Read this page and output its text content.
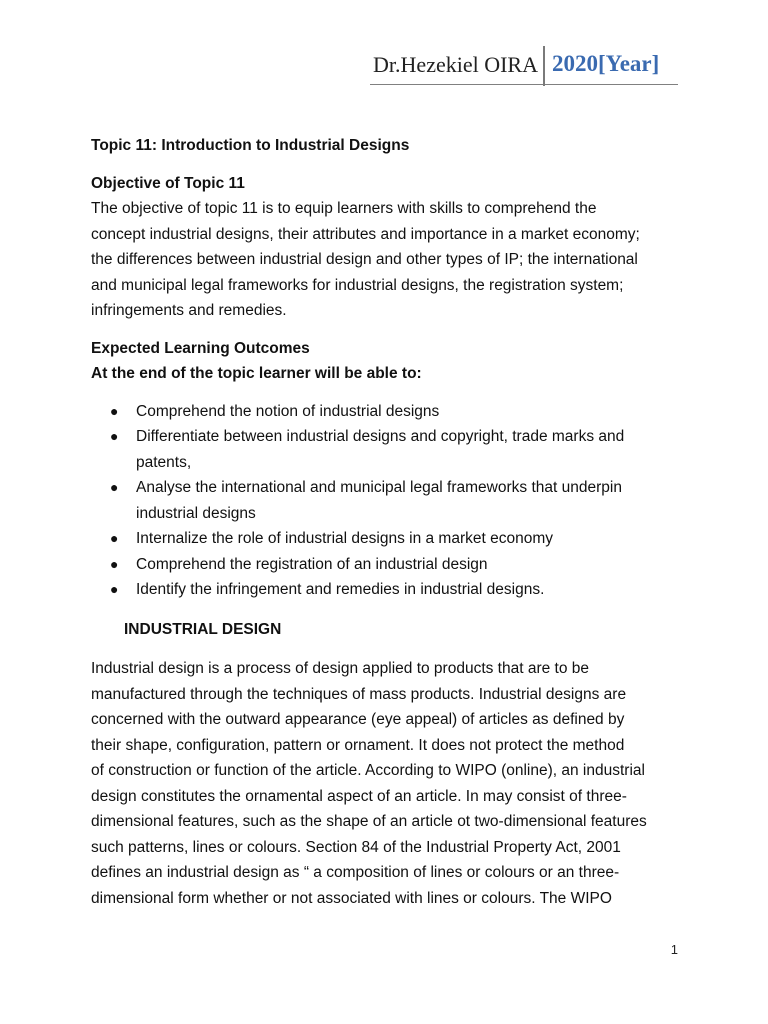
Dr.Hezekiel OIRA 2020[Year]

Topic 11: Introduction to Industrial Designs

Objective of Topic 11

The objective of topic 11 is to equip learners with skills to comprehend the
concept industrial designs, their attributes and importance in a market economy;
the differences between industrial design and other types of IP; the international
and municipal legal frameworks for industrial designs, the registration system;
infringements and remedies.

Expected Learning Outcomes

At the end of the topic learner will be able to:

● Comprehend the notion of industrial designs
● Differentiate between industrial designs and copyright, trade marks and
patents,
● Analyse the international and municipal legal frameworks that underpin
industrial designs
● Internalize the role of industrial designs in a market economy
● Comprehend the registration of an industrial design
● Identify the infringement and remedies in industrial designs.

INDUSTRIAL DESIGN

Industrial design is a process of design applied to products that are to be
manufactured through the techniques of mass products. Industrial designs are
concerned with the outward appearance (eye appeal) of articles as defined by
their shape, configuration, pattern or ornament. It does not protect the method
of construction or function of the article. According to WIPO (online), an industrial
design constitutes the ornamental aspect of an article. In may consist of three-
dimensional features, such as the shape of an article ot two-dimensional features
such patterns, lines or colours. Section 84 of the Industrial Property Act, 2001
defines an industrial design as “ a composition of lines or colours or an three-
dimensional form whether or not associated with lines or colours. The WIPO
1
